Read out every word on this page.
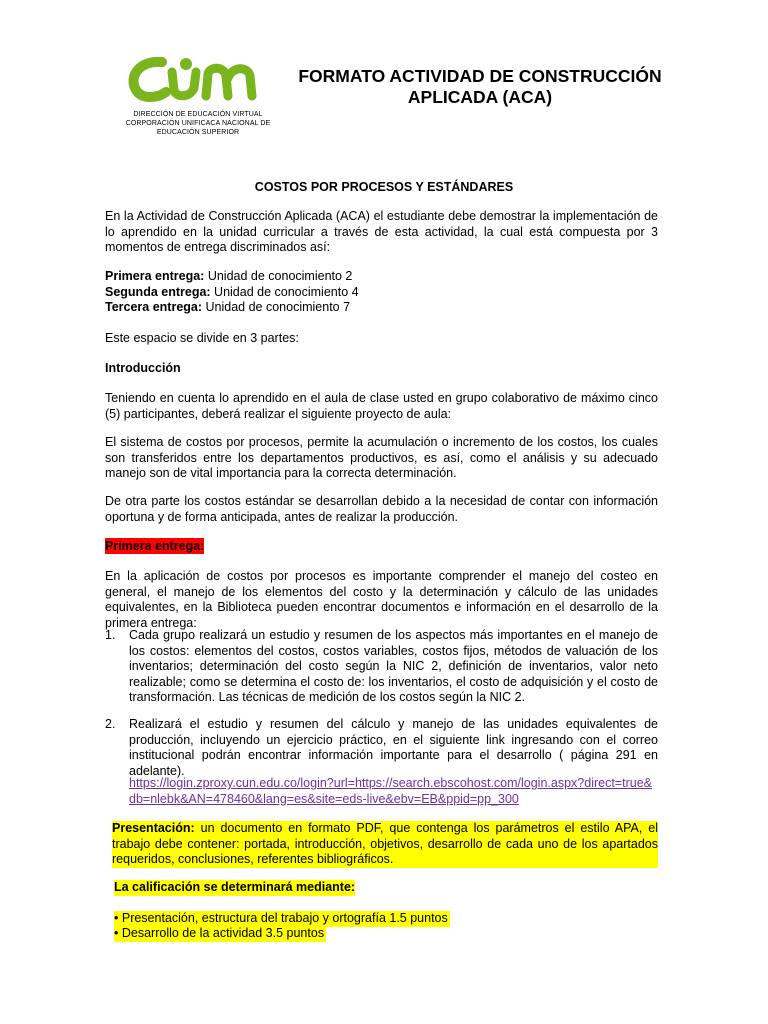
DIRECCIÓN DE EDUCACIÓN VIRTUAL
CORPORACIÓN UNIFICACA NACIONAL DE
EDUCACIÓN SUPERIOR
FORMATO ACTIVIDAD DE CONSTRUCCIÓN
APLICADA (ACA)
COSTOS POR PROCESOS Y ESTÁNDARES
En la Actividad de Construcción Aplicada (ACA) el estudiante debe demostrar la implementación de lo aprendido en la unidad curricular a través de esta actividad, la cual está compuesta por 3 momentos de entrega discriminados así:
Primera entrega: Unidad de conocimiento 2
Segunda entrega: Unidad de conocimiento 4
Tercera entrega: Unidad de conocimiento 7
Este espacio se divide en 3 partes:
Introducción
Teniendo en cuenta lo aprendido en el aula de clase usted en grupo colaborativo de máximo cinco (5) participantes, deberá realizar el siguiente proyecto de aula:
El sistema de costos por procesos, permite la acumulación o incremento de los costos, los cuales son transferidos entre los departamentos productivos, es así, como el análisis y su adecuado manejo son de vital importancia para la correcta determinación.
De otra parte los costos estándar se desarrollan debido a la necesidad de contar con información oportuna y de forma anticipada, antes de realizar la producción.
Primera entrega:
En la aplicación de costos por procesos es importante comprender el manejo del costeo en general, el manejo de los elementos del costo y la determinación y cálculo de las unidades equivalentes, en la Biblioteca pueden encontrar documentos e información en el desarrollo de la primera entrega:
1. Cada grupo realizará un estudio y resumen de los aspectos más importantes en el manejo de los costos: elementos del costos, costos variables, costos fijos, métodos de valuación de los inventarios; determinación del costo según la NIC 2, definición de inventarios, valor neto realizable; como se determina el costo de: los inventarios, el costo de adquisición y el costo de transformación. Las técnicas de medición de los costos según la NIC 2.
2. Realizará el estudio y resumen del cálculo y manejo de las unidades equivalentes de producción, incluyendo un ejercicio práctico, en el siguiente link ingresando con el correo institucional podrán encontrar información importante para el desarrollo ( página 291 en adelante).
https://login.zproxy.cun.edu.co/login?url=https://search.ebscohost.com/login.aspx?direct=true&
db=nlebk&AN=478460&lang=es&site=eds-live&ebv=EB&ppid=pp_300
Presentación: un documento en formato PDF, que contenga los parámetros el estilo APA, el trabajo debe contener: portada, introducción, objetivos, desarrollo de cada uno de los apartados requeridos, conclusiones, referentes bibliográficos.
La calificación se determinará mediante:
• Presentación, estructura del trabajo y ortografía 1.5 puntos
• Desarrollo de la actividad 3.5 puntos
